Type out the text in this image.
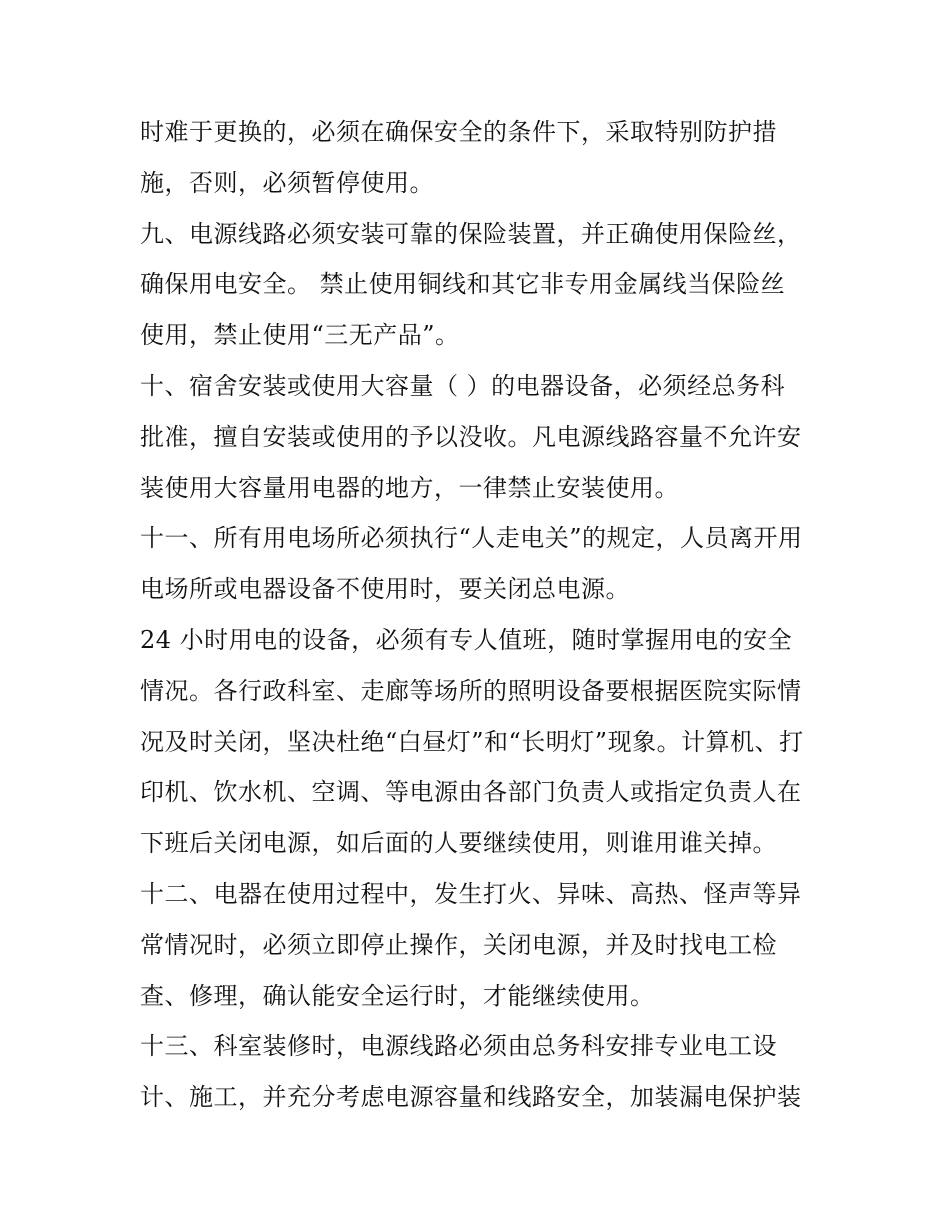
时难于更换的，必须在确保安全的条件下，采取特别防护措
施，否则，必须暂停使用。
九、电源线路必须安装可靠的保险装置，并正确使用保险丝，
确保用电安全。 禁止使用铜线和其它非专用金属线当保险丝
使用，禁止使用“三无产品”。
十、宿舍安装或使用大容量（ ）的电器设备，必须经总务科
批准，擅自安装或使用的予以没收。凡电源线路容量不允许安
装使用大容量用电器的地方，一律禁止安装使用。
十一、所有用电场所必须执行“人走电关”的规定，人员离开用
电场所或电器设备不使用时，要关闭总电源。
24 小时用电的设备，必须有专人值班，随时掌握用电的安全
情况。各行政科室、走廊等场所的照明设备要根据医院实际情
况及时关闭，坚决杜绝“白昼灯”和“长明灯”现象。计算机、打
印机、饮水机、空调、等电源由各部门负责人或指定负责人在
下班后关闭电源，如后面的人要继续使用，则谁用谁关掉。
十二、电器在使用过程中，发生打火、异味、高热、怪声等异
常情况时，必须立即停止操作，关闭电源，并及时找电工检
查、修理，确认能安全运行时，才能继续使用。
十三、科室装修时，电源线路必须由总务科安排专业电工设
计、施工，并充分考虑电源容量和线路安全，加装漏电保护装
